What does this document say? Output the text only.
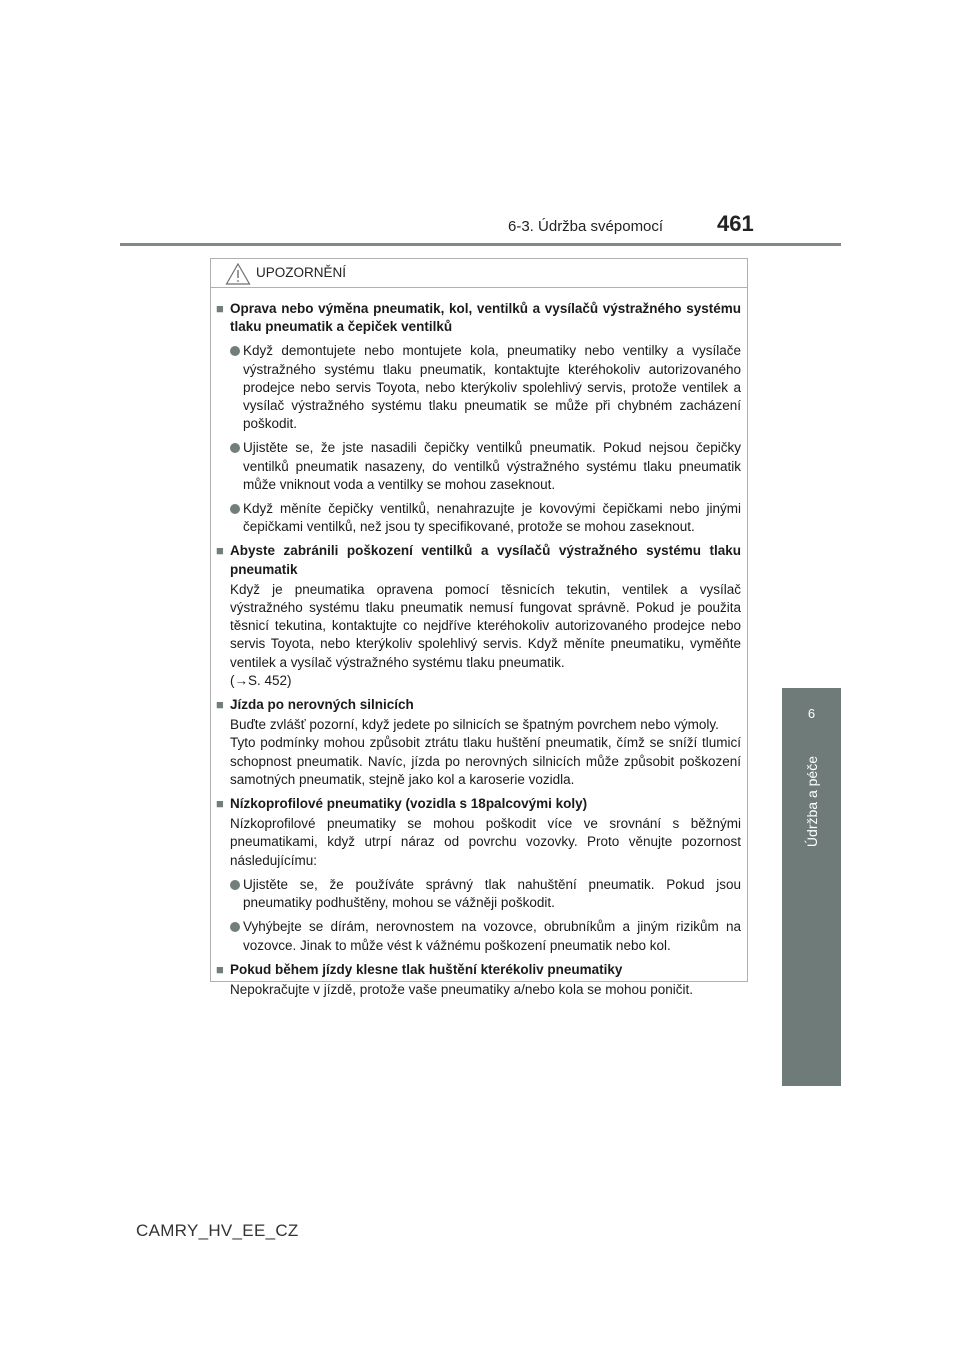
6-3. Údržba svépomocí 461
6
Údržba a péče
UPOZORNĚNÍ
■ Oprava nebo výměna pneumatik, kol, ventilků a vysílačů výstražného systému tlaku pneumatik a čepiček ventilků
Když demontujete nebo montujete kola, pneumatiky nebo ventilky a vysílače výstražného systému tlaku pneumatik, kontaktujte kteréhokoliv autorizovaného prodejce nebo servis Toyota, nebo kterýkoliv spolehlivý servis, protože ventilek a vysílač výstražného systému tlaku pneumatik se může při chybném zacházení poškodit.
Ujistěte se, že jste nasadili čepičky ventilků pneumatik. Pokud nejsou čepičky ventilků pneumatik nasazeny, do ventilků výstražného systému tlaku pneumatik může vniknout voda a ventilky se mohou zaseknout.
Když měníte čepičky ventilků, nenahrazujte je kovovými čepičkami nebo jinými čepičkami ventilků, než jsou ty specifikované, protože se mohou zaseknout.
■ Abyste zabránili poškození ventilků a vysílačů výstražného systému tlaku pneumatik
Když je pneumatika opravena pomocí těsnicích tekutin, ventilek a vysílač výstražného systému tlaku pneumatik nemusí fungovat správně. Pokud je použita těsnicí tekutina, kontaktujte co nejdříve kteréhokoliv autorizovaného prodejce nebo servis Toyota, nebo kterýkoliv spolehlivý servis. Když měníte pneumatiku, vyměňte ventilek a vysílač výstražného systému tlaku pneumatik.
(→S. 452)
■ Jízda po nerovných silnicích
Buďte zvlášť pozorní, když jedete po silnicích se špatným povrchem nebo výmoly.
Tyto podmínky mohou způsobit ztrátu tlaku huštění pneumatik, čímž se sníží tlumicí schopnost pneumatik. Navíc, jízda po nerovných silnicích může způsobit poškození samotných pneumatik, stejně jako kol a karoserie vozidla.
■ Nízkoprofilové pneumatiky (vozidla s 18palcovými koly)
Nízkoprofilové pneumatiky se mohou poškodit více ve srovnání s běžnými pneumatikami, když utrpí náraz od povrchu vozovky. Proto věnujte pozornost následujícímu:
Ujistěte se, že používáte správný tlak nahuštění pneumatik. Pokud jsou pneumatiky podhuštěny, mohou se vážněji poškodit.
Vyhýbejte se dírám, nerovnostem na vozovce, obrubníkům a jiným rizikům na vozovce. Jinak to může vést k vážnému poškození pneumatik nebo kol.
■ Pokud během jízdy klesne tlak huštění kterékoliv pneumatiky
Nepokračujte v jízdě, protože vaše pneumatiky a/nebo kola se mohou poničit.
CAMRY_HV_EE_CZ
